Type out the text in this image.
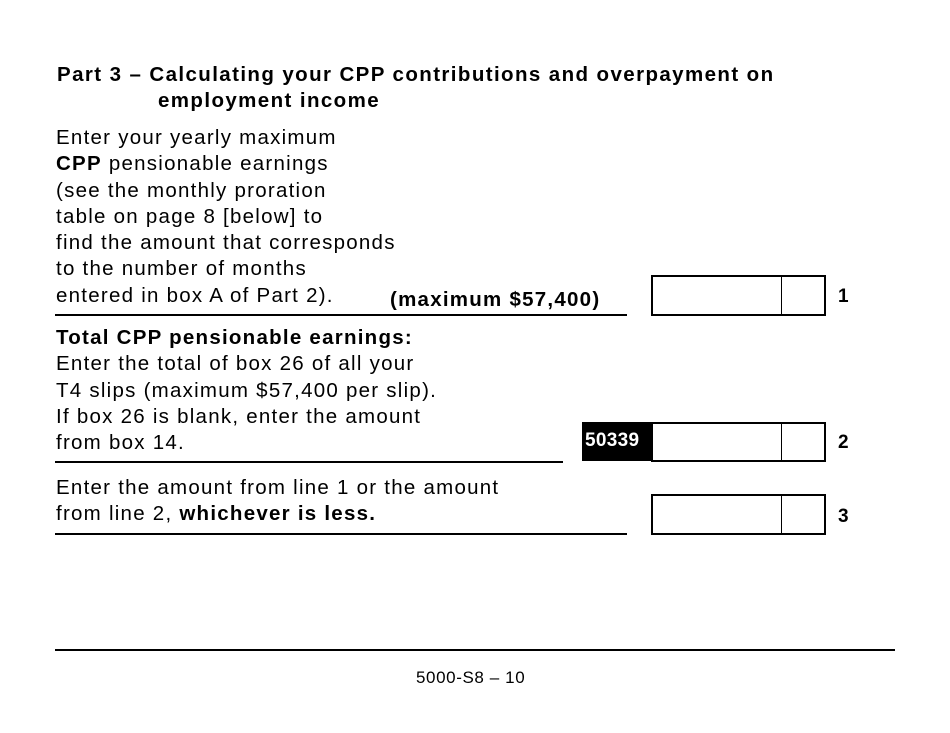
Part 3 – Calculating your CPP contributions and overpayment on
employment income
Enter your yearly maximum
CPP pensionable earnings
(see the monthly proration
table on page 8 [below] to
find the amount that corresponds
to the number of months
entered in box A of Part 2).	(maximum $57,400)	1
Total CPP pensionable earnings:
Enter the total of box 26 of all your
T4 slips (maximum $57,400 per slip).
If box 26 is blank, enter the amount
from box 14.	50339	2
Enter the amount from line 1 or the amount
from line 2, whichever is less.	3
5000-S8 – 10
